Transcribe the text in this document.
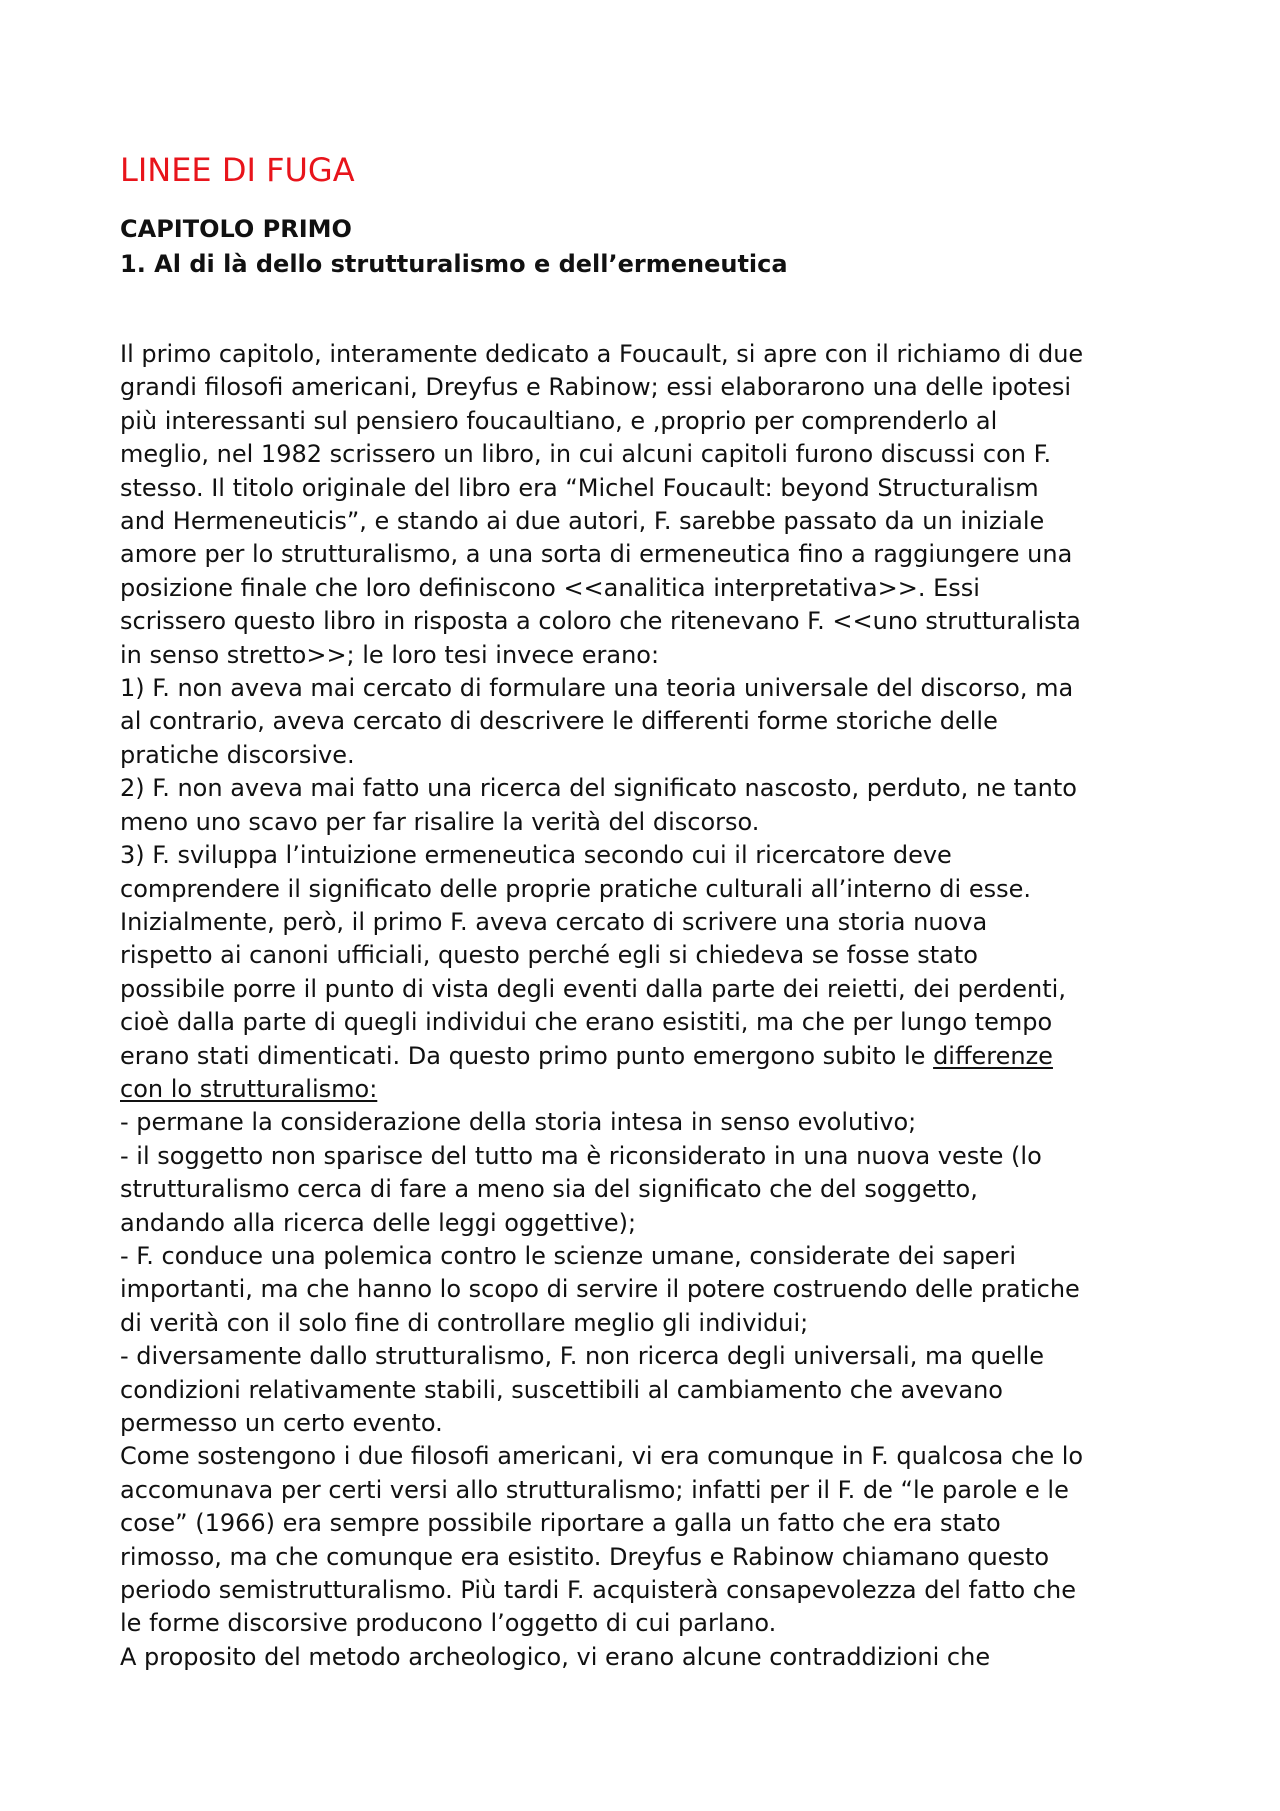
LINEE DI FUGA
CAPITOLO PRIMO
1. Al di là dello strutturalismo e dell’ermeneutica
Il primo capitolo, interamente dedicato a Foucault, si apre con il richiamo di due
grandi filosofi americani, Dreyfus e Rabinow; essi elaborarono una delle ipotesi
più interessanti sul pensiero foucaultiano, e ,proprio per comprenderlo al
meglio, nel 1982 scrissero un libro, in cui alcuni capitoli furono discussi con F.
stesso. Il titolo originale del libro era “Michel Foucault: beyond Structuralism
and Hermeneuticis”, e stando ai due autori, F. sarebbe passato da un iniziale
amore per lo strutturalismo, a una sorta di ermeneutica fino a raggiungere una
posizione finale che loro definiscono <<analitica interpretativa>>. Essi
scrissero questo libro in risposta a coloro che ritenevano F. <<uno strutturalista
in senso stretto>>; le loro tesi invece erano:
1) F. non aveva mai cercato di formulare una teoria universale del discorso, ma
al contrario, aveva cercato di descrivere le differenti forme storiche delle
pratiche discorsive.
2) F. non aveva mai fatto una ricerca del significato nascosto, perduto, ne tanto
meno uno scavo per far risalire la verità del discorso.
3) F. sviluppa l’intuizione ermeneutica secondo cui il ricercatore deve
comprendere il significato delle proprie pratiche culturali all’interno di esse.
Inizialmente, però, il primo F. aveva cercato di scrivere una storia nuova
rispetto ai canoni ufficiali, questo perché egli si chiedeva se fosse stato
possibile porre il punto di vista degli eventi dalla parte dei reietti, dei perdenti,
cioè dalla parte di quegli individui che erano esistiti, ma che per lungo tempo
erano stati dimenticati. Da questo primo punto emergono subito le differenze
con lo strutturalismo:
- permane la considerazione della storia intesa in senso evolutivo;
- il soggetto non sparisce del tutto ma è riconsiderato in una nuova veste (lo
strutturalismo cerca di fare a meno sia del significato che del soggetto,
andando alla ricerca delle leggi oggettive);
- F. conduce una polemica contro le scienze umane, considerate dei saperi
importanti, ma che hanno lo scopo di servire il potere costruendo delle pratiche
di verità con il solo fine di controllare meglio gli individui;
- diversamente dallo strutturalismo, F. non ricerca degli universali, ma quelle
condizioni relativamente stabili, suscettibili al cambiamento che avevano
permesso un certo evento.
Come sostengono i due filosofi americani, vi era comunque in F. qualcosa che lo
accomunava per certi versi allo strutturalismo; infatti per il F. de “le parole e le
cose” (1966) era sempre possibile riportare a galla un fatto che era stato
rimosso, ma che comunque era esistito. Dreyfus e Rabinow chiamano questo
periodo semistrutturalismo. Più tardi F. acquisterà consapevolezza del fatto che
le forme discorsive producono l’oggetto di cui parlano.
A proposito del metodo archeologico, vi erano alcune contraddizioni che
